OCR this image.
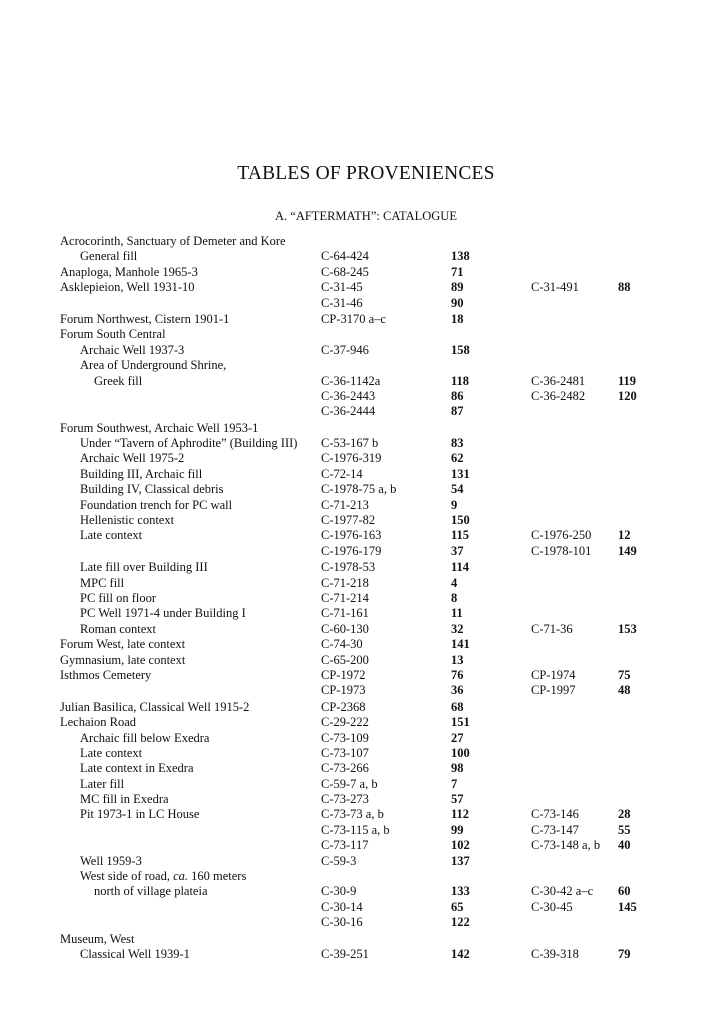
TABLES OF PROVENIENCES
A. “AFTERMATH”: CATALOGUE
Acrocorinth, Sanctuary of Demeter and Kore
General fill	C-64-424	138
Anaploga, Manhole 1965-3	C-68-245	71
Asklepieion, Well 1931-10	C-31-45	89	C-31-491	88
C-31-46	90
Forum Northwest, Cistern 1901-1	CP-3170 a–c	18
Forum South Central
Archaic Well 1937-3	C-37-946	158
Area of Underground Shrine,
Greek fill	C-36-1142a	118	C-36-2481	119
C-36-2443	86	C-36-2482	120
C-36-2444	87
Forum Southwest, Archaic Well 1953-1
Under “Tavern of Aphrodite” (Building III) C-53-167 b	83
Archaic Well 1975-2	C-1976-319	62
Building III, Archaic fill	C-72-14	131
Building IV, Classical debris	C-1978-75 a, b	54
Foundation trench for PC wall	C-71-213	9
Hellenistic context	C-1977-82	150
Late context	C-1976-163	115	C-1976-250 12
C-1976-179	37	C-1978-101 149
Late fill over Building III	C-1978-53	114
MPC fill	C-71-218	4
PC fill on floor	C-71-214	8
PC Well 1971-4 under Building I	C-71-161	11
Roman context	C-60-130	32	C-71-36	153
Forum West, late context	C-74-30	141
Gymnasium, late context	C-65-200	13
Isthmos Cemetery	CP-1972	76	CP-1974	75
CP-1973	36	CP-1997	48
Julian Basilica, Classical Well 1915-2	CP-2368	68
Lechaion Road	C-29-222	151
Archaic fill below Exedra	C-73-109	27
Late context	C-73-107	100
Late context in Exedra	C-73-266	98
Later fill	C-59-7 a, b	7
MC fill in Exedra	C-73-273	57
Pit 1973-1 in LC House	C-73-73 a, b	112	C-73-146	28
C-73-115 a, b	99	C-73-147	55
C-73-117	102	C-73-148 a, b 40
Well 1959-3	C-59-3	137
West side of road, ca. 160 meters
north of village plateia	C-30-9	133	C-30-42 a–c 60
C-30-14	65	C-30-45	145
C-30-16	122
Museum, West
Classical Well 1939-1	C-39-251	142	C-39-318	79
